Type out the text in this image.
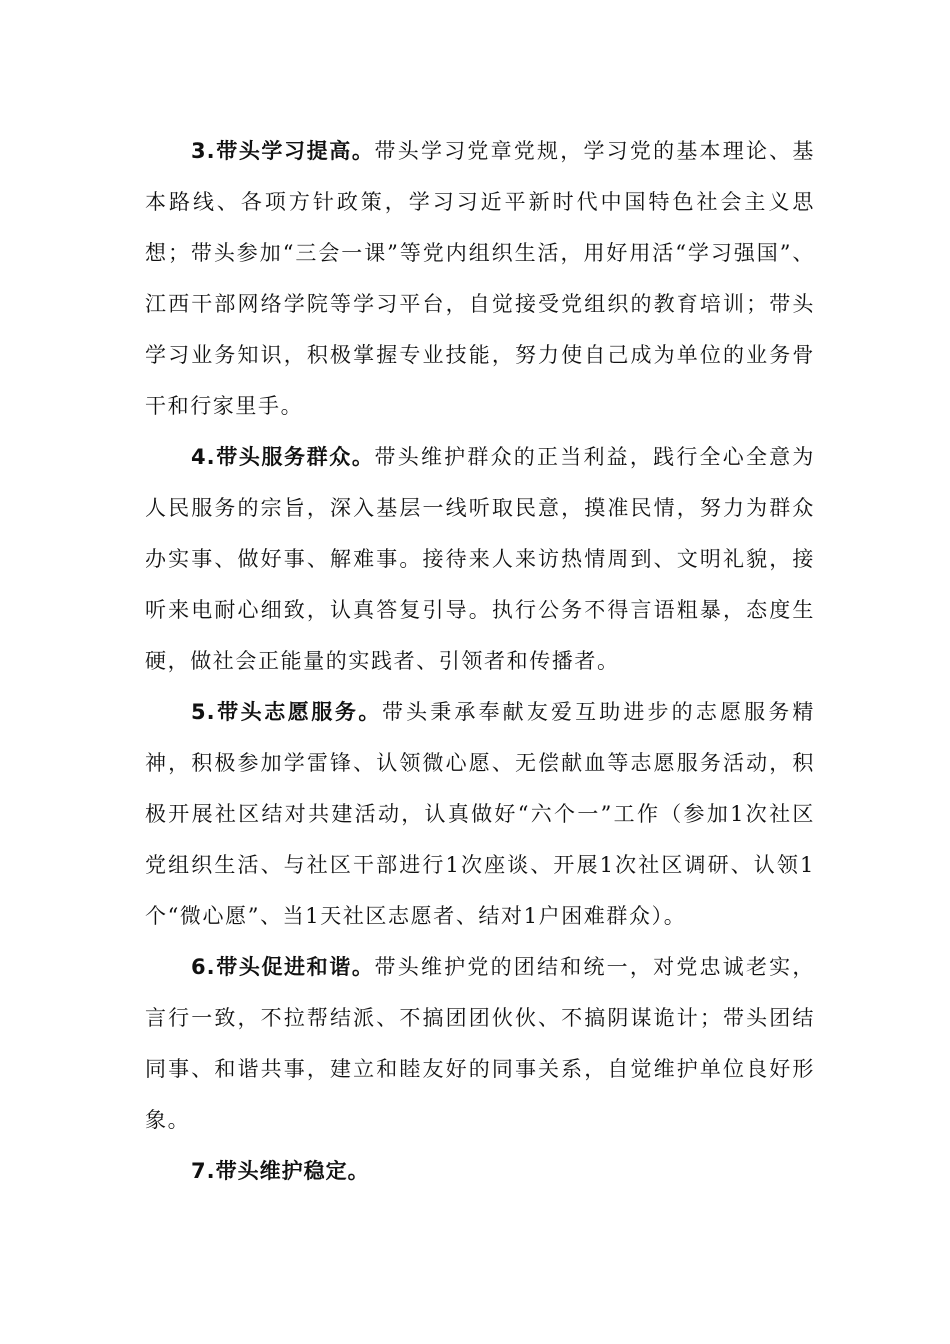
3.带头学习提高。带头学习党章党规，学习党的基本理论、基本路线、各项方针政策，学习习近平新时代中国特色社会主义思想；带头参加“三会一课”等党内组织生活，用好用活“学习强国”、江西干部网络学院等学习平台，自觉接受党组织的教育培训；带头学习业务知识，积极掌握专业技能，努力使自己成为单位的业务骨干和行家里手。

4.带头服务群众。带头维护群众的正当利益，践行全心全意为人民服务的宗旨，深入基层一线听取民意，摸准民情，努力为群众办实事、做好事、解难事。接待来人来访热情周到、文明礼貌，接听来电耐心细致，认真答复引导。执行公务不得言语粗暴，态度生硬，做社会正能量的实践者、引领者和传播者。

5.带头志愿服务。带头秉承奉献友爱互助进步的志愿服务精神，积极参加学雷锋、认领微心愿、无偿献血等志愿服务活动，积极开展社区结对共建活动，认真做好“六个一”工作（参加1次社区党组织生活、与社区干部进行1次座谈、开展1次社区调研、认领1个“微心愿”、当1天社区志愿者、结对1户困难群众）。

6.带头促进和谐。带头维护党的团结和统一，对党忠诚老实，言行一致，不拉帮结派、不搞团团伙伙、不搞阴谋诡计；带头团结同事、和谐共事，建立和睦友好的同事关系，自觉维护单位良好形象。

7.带头维护稳定。
